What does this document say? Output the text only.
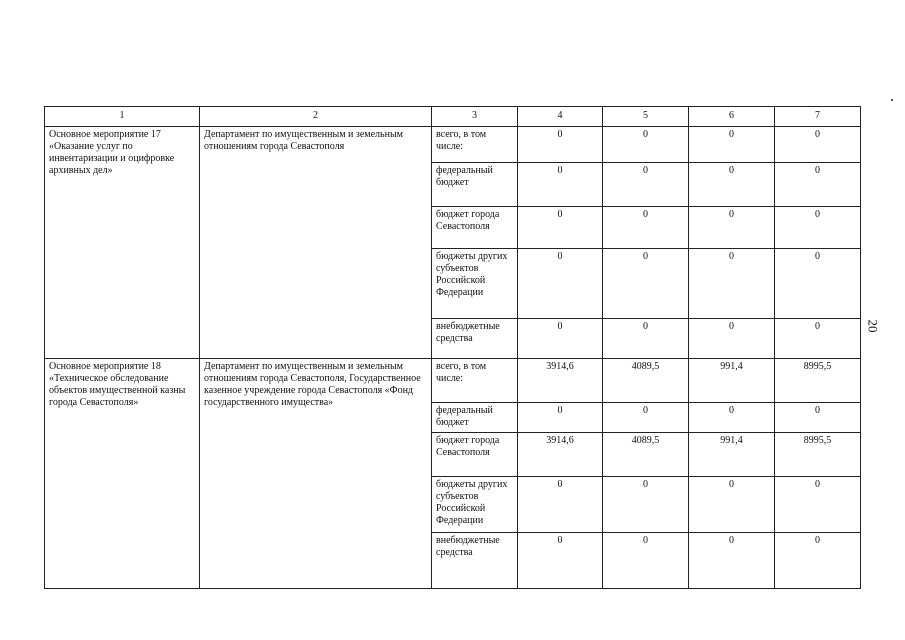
1	2	3	4	5	6	7
Основное мероприятие 17 «Оказание услуг по инвентаризации и оцифровке архивных дел»	Департамент по имущественным и земельным отношениям города Севастополя	всего, в том числе:	0	0	0	0
		федеральный бюджет	0	0	0	0
		бюджет города Севастополя	0	0	0	0
		бюджеты других субъектов Российской Федерации	0	0	0	0
		внебюджетные средства	0	0	0	0
Основное мероприятие 18 «Техническое обследование объектов имущественной казны города Севастополя»	Департамент по имущественным и земельным отношениям города Севастополя, Государственное казенное учреждение города Севастополя «Фонд государственного имущества»	всего, в том числе:	3914,6	4089,5	991,4	8995,5
		федеральный бюджет	0	0	0	0
		бюджет города Севастополя	3914,6	4089,5	991,4	8995,5
		бюджеты других субъектов Российской Федерации	0	0	0	0
		внебюджетные средства	0	0	0	0
20
